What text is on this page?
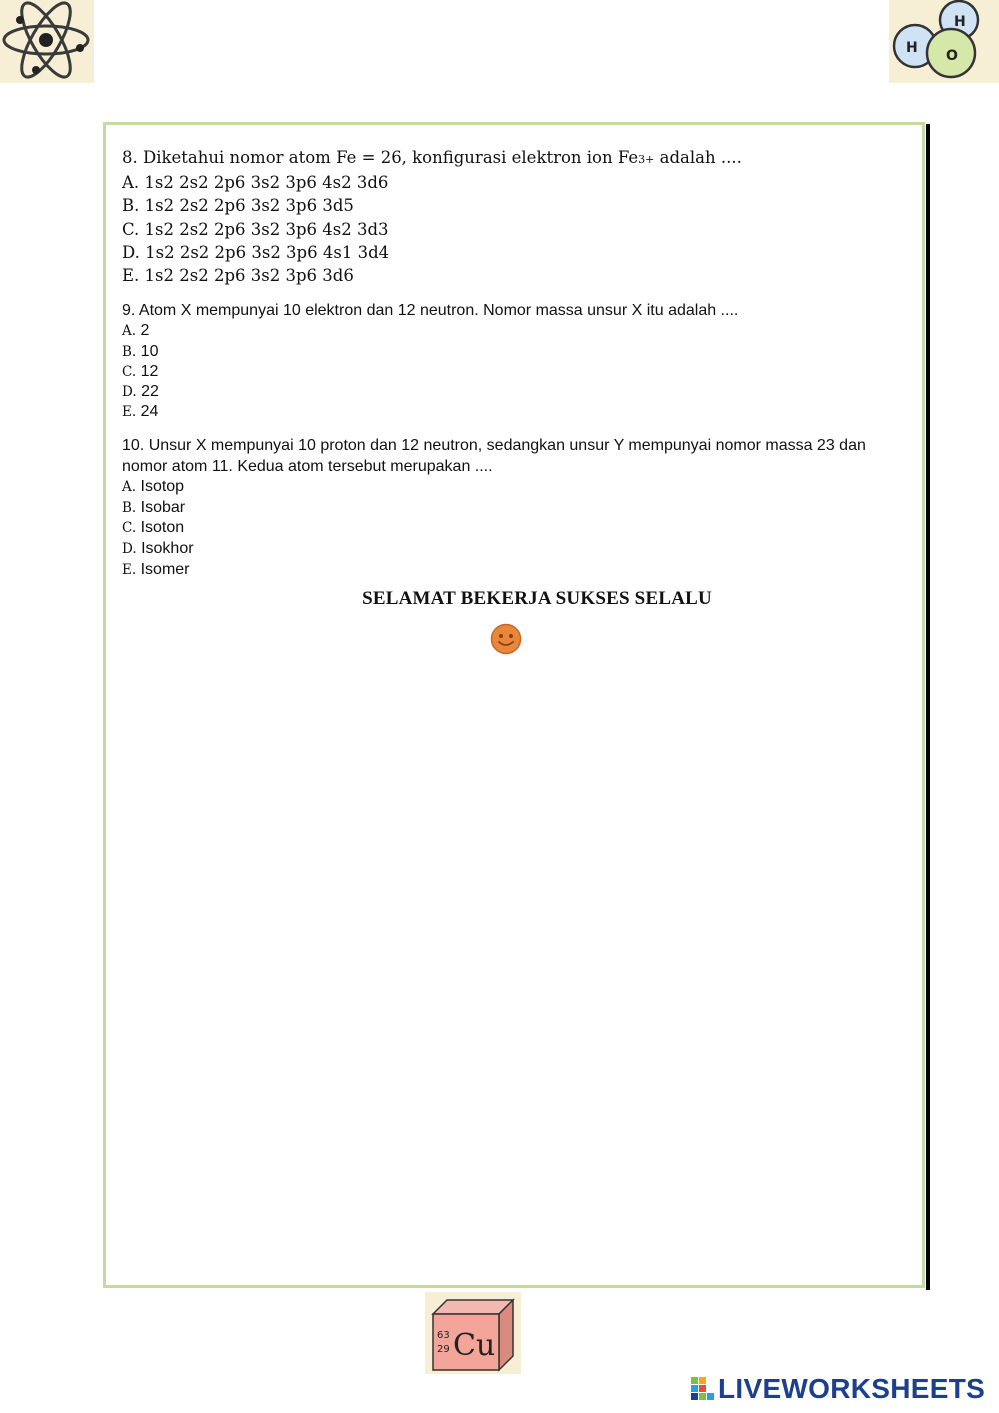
H
H O
8. Diketahui nomor atom Fe = 26, konfigurasi elektron ion Fe3+ adalah ....
A. 1s2 2s2 2p6 3s2 3p6 4s2 3d6
B. 1s2 2s2 2p6 3s2 3p6 3d5
C. 1s2 2s2 2p6 3s2 3p6 4s2 3d3
D. 1s2 2s2 2p6 3s2 3p6 4s1 3d4
E. 1s2 2s2 2p6 3s2 3p6 3d6
9. Atom X mempunyai 10 elektron dan 12 neutron. Nomor massa unsur X itu adalah ....
A. 2
B. 10
C. 12
D. 22
E. 24
10. Unsur X mempunyai 10 proton dan 12 neutron, sedangkan unsur Y mempunyai nomor massa 23 dan nomor atom 11. Kedua atom tersebut merupakan ....
A. Isotop
B. Isobar
C. Isoton
D. Isokhor
E. Isomer
SELAMAT BEKERJA SUKSES SELALU
63
29 Cu
LIVEWORKSHEETS
